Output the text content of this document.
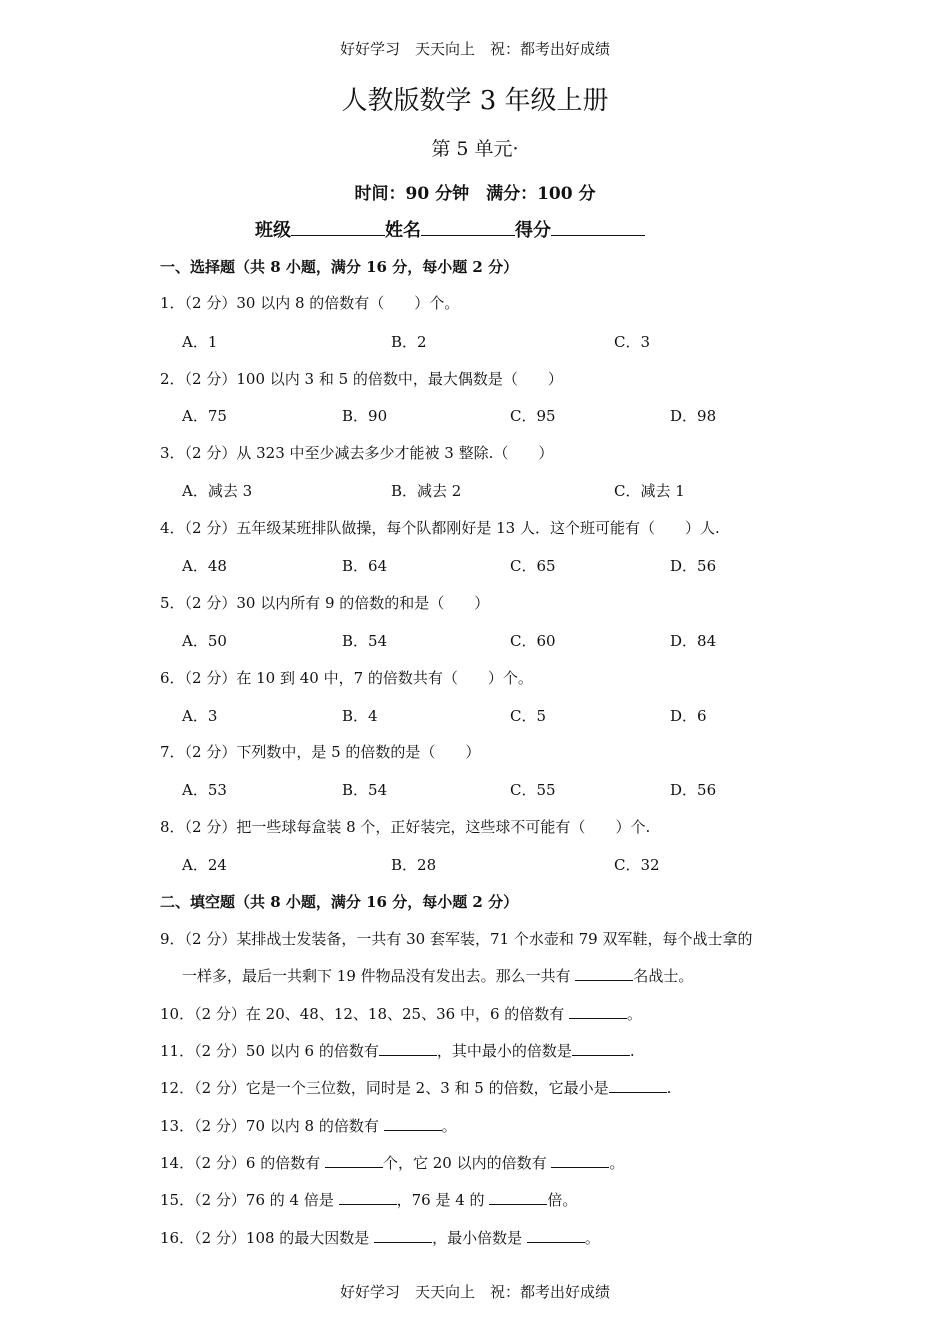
好好学习　天天向上　祝：都考出好成绩
人教版数学 3 年级上册
第 5 单元·
时间：90 分钟　满分：100 分
班级	姓名	得分
一、选择题（共 8 小题，满分 16 分，每小题 2 分）
1．（2 分）30 以内 8 的倍数有（　　）个。
A．1	B．2	C．3
2．（2 分）100 以内 3 和 5 的倍数中，最大偶数是（　　）
A．75	B．90	C．95	D．98
3．（2 分）从 323 中至少减去多少才能被 3 整除.（　　）
A．减去 3	B．减去 2	C．减去 1
4．（2 分）五年级某班排队做操，每个队都刚好是 13 人．这个班可能有（　　）人.
A．48	B．64	C．65	D．56
5．（2 分）30 以内所有 9 的倍数的和是（　　）
A．50	B．54	C．60	D．84
6．（2 分）在 10 到 40 中，7 的倍数共有（　　）个。
A．3	B．4	C．5	D．6
7．（2 分）下列数中，是 5 的倍数的是（　　）
A．53	B．54	C．55	D．56
8．（2 分）把一些球每盒装 8 个，正好装完，这些球不可能有（　　）个.
A．24	B．28	C．32
二、填空题（共 8 小题，满分 16 分，每小题 2 分）
9．（2 分）某排战士发装备，一共有 30 套军装，71 个水壶和 79 双军鞋，每个战士拿的
一样多，最后一共剩下 19 件物品没有发出去。那么一共有	名战士。
10．（2 分）在 20、48、12、18、25、36 中，6 的倍数有	。
11．（2 分）50 以内 6 的倍数有	，其中最小的倍数是	.
12．（2 分）它是一个三位数，同时是 2、3 和 5 的倍数，它最小是	.
13．（2 分）70 以内 8 的倍数有	。
14．（2 分）6 的倍数有	个，它 20 以内的倍数有	。
15．（2 分）76 的 4 倍是	，76 是 4 的	倍。
16．（2 分）108 的最大因数是	，最小倍数是	。
好好学习　天天向上　祝：都考出好成绩
